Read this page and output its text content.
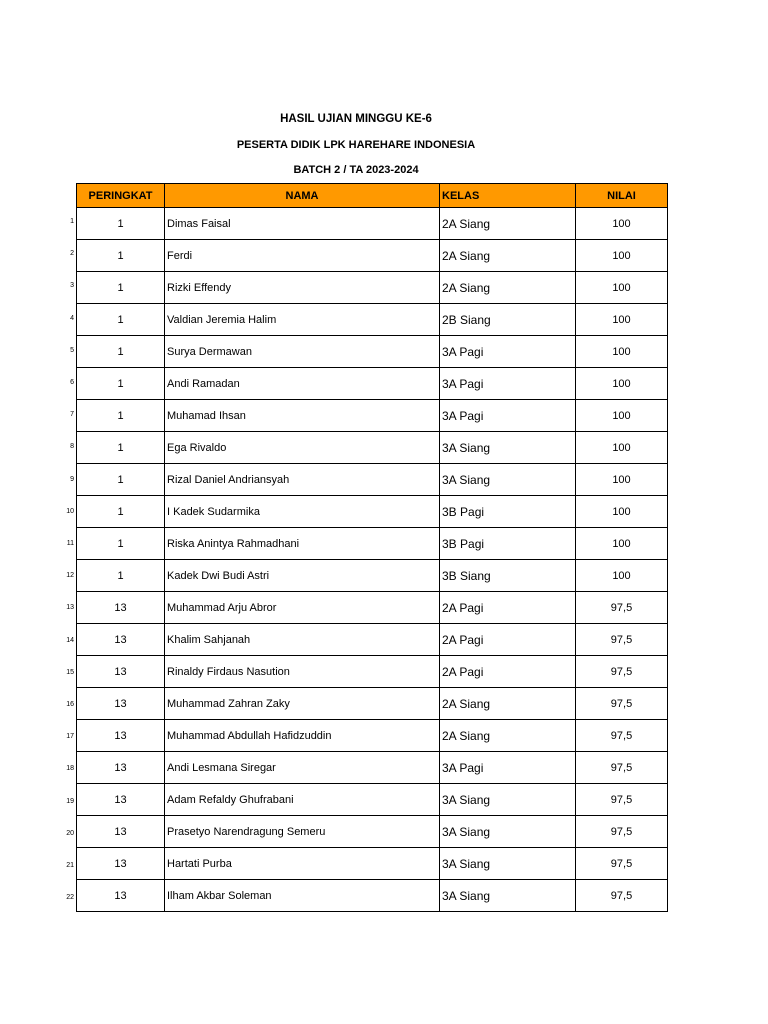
HASIL UJIAN MINGGU KE-6
PESERTA DIDIK LPK HAREHARE INDONESIA
BATCH 2 / TA 2023-2024
1
2
3
4
5
6
7
8
9
10
11
12
13
14
15
16
17
18
19
20
21
22
PERINGKAT	NAMA	KELAS	NILAI
1	Dimas Faisal	2A Siang	100
1	Ferdi	2A Siang	100
1	Rizki Effendy	2A Siang	100
1	Valdian Jeremia Halim	2B Siang	100
1	Surya Dermawan	3A Pagi	100
1	Andi Ramadan	3A Pagi	100
1	Muhamad Ihsan	3A Pagi	100
1	Ega Rivaldo	3A Siang	100
1	Rizal Daniel Andriansyah	3A Siang	100
1	I Kadek Sudarmika	3B Pagi	100
1	Riska Anintya Rahmadhani	3B Pagi	100
1	Kadek Dwi Budi Astri	3B Siang	100
13	Muhammad Arju Abror	2A Pagi	97,5
13	Khalim Sahjanah	2A Pagi	97,5
13	Rinaldy Firdaus Nasution	2A Pagi	97,5
13	Muhammad Zahran Zaky	2A Siang	97,5
13	Muhammad Abdullah Hafidzuddin	2A Siang	97,5
13	Andi Lesmana Siregar	3A Pagi	97,5
13	Adam Refaldy Ghufrabani	3A Siang	97,5
13	Prasetyo Narendragung Semeru	3A Siang	97,5
13	Hartati Purba	3A Siang	97,5
13	Ilham Akbar Soleman	3A Siang	97,5
